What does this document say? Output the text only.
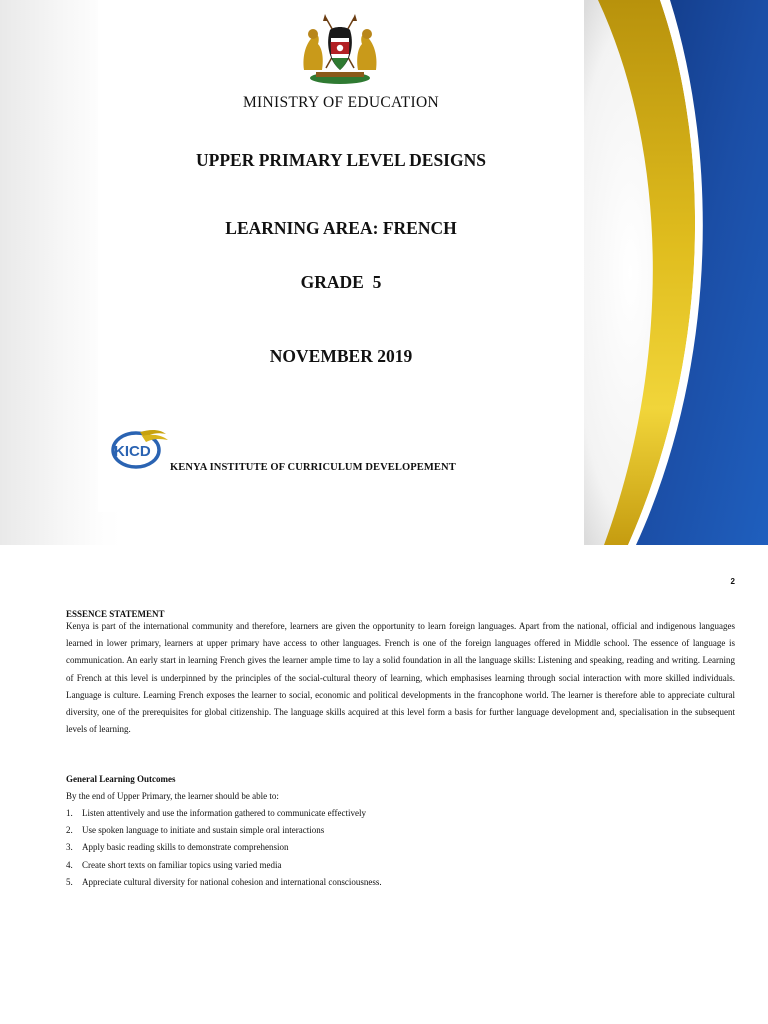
MINISTRY OF EDUCATION
UPPER PRIMARY LEVEL DESIGNS
LEARNING AREA: FRENCH
GRADE  5
NOVEMBER 2019
KICD
KENYA INSTITUTE OF CURRICULUM DEVELOPEMENT
2
ESSENCE STATEMENT

Kenya is part of the international community and therefore, learners are given the opportunity to learn foreign languages. Apart from the national, official and indigenous languages learned in lower primary, learners at upper primary have access to other languages. French is one of the foreign languages offered in Middle school. The essence of language is communication. An early start in learning French gives the learner ample time to lay a solid foundation in all the language skills: Listening and speaking, reading and writing. Learning of French at this level is underpinned by the principles of the social-cultural theory of learning, which emphasises learning through social interaction with more skilled individuals. Language is culture. Learning French exposes the learner to social, economic and political developments in the francophone world. The learner is therefore able to appreciate cultural diversity, one of the prerequisites for global citizenship. The language skills acquired at this level form a basis for further language development and, specialisation in the subsequent levels of learning.

General Learning Outcomes
By the end of Upper Primary, the learner should be able to:
1. Listen attentively and use the information gathered to communicate effectively
2. Use spoken language to initiate and sustain simple oral interactions
3. Apply basic reading skills to demonstrate comprehension
4. Create short texts on familiar topics using varied media
5. Appreciate cultural diversity for national cohesion and international consciousness.
